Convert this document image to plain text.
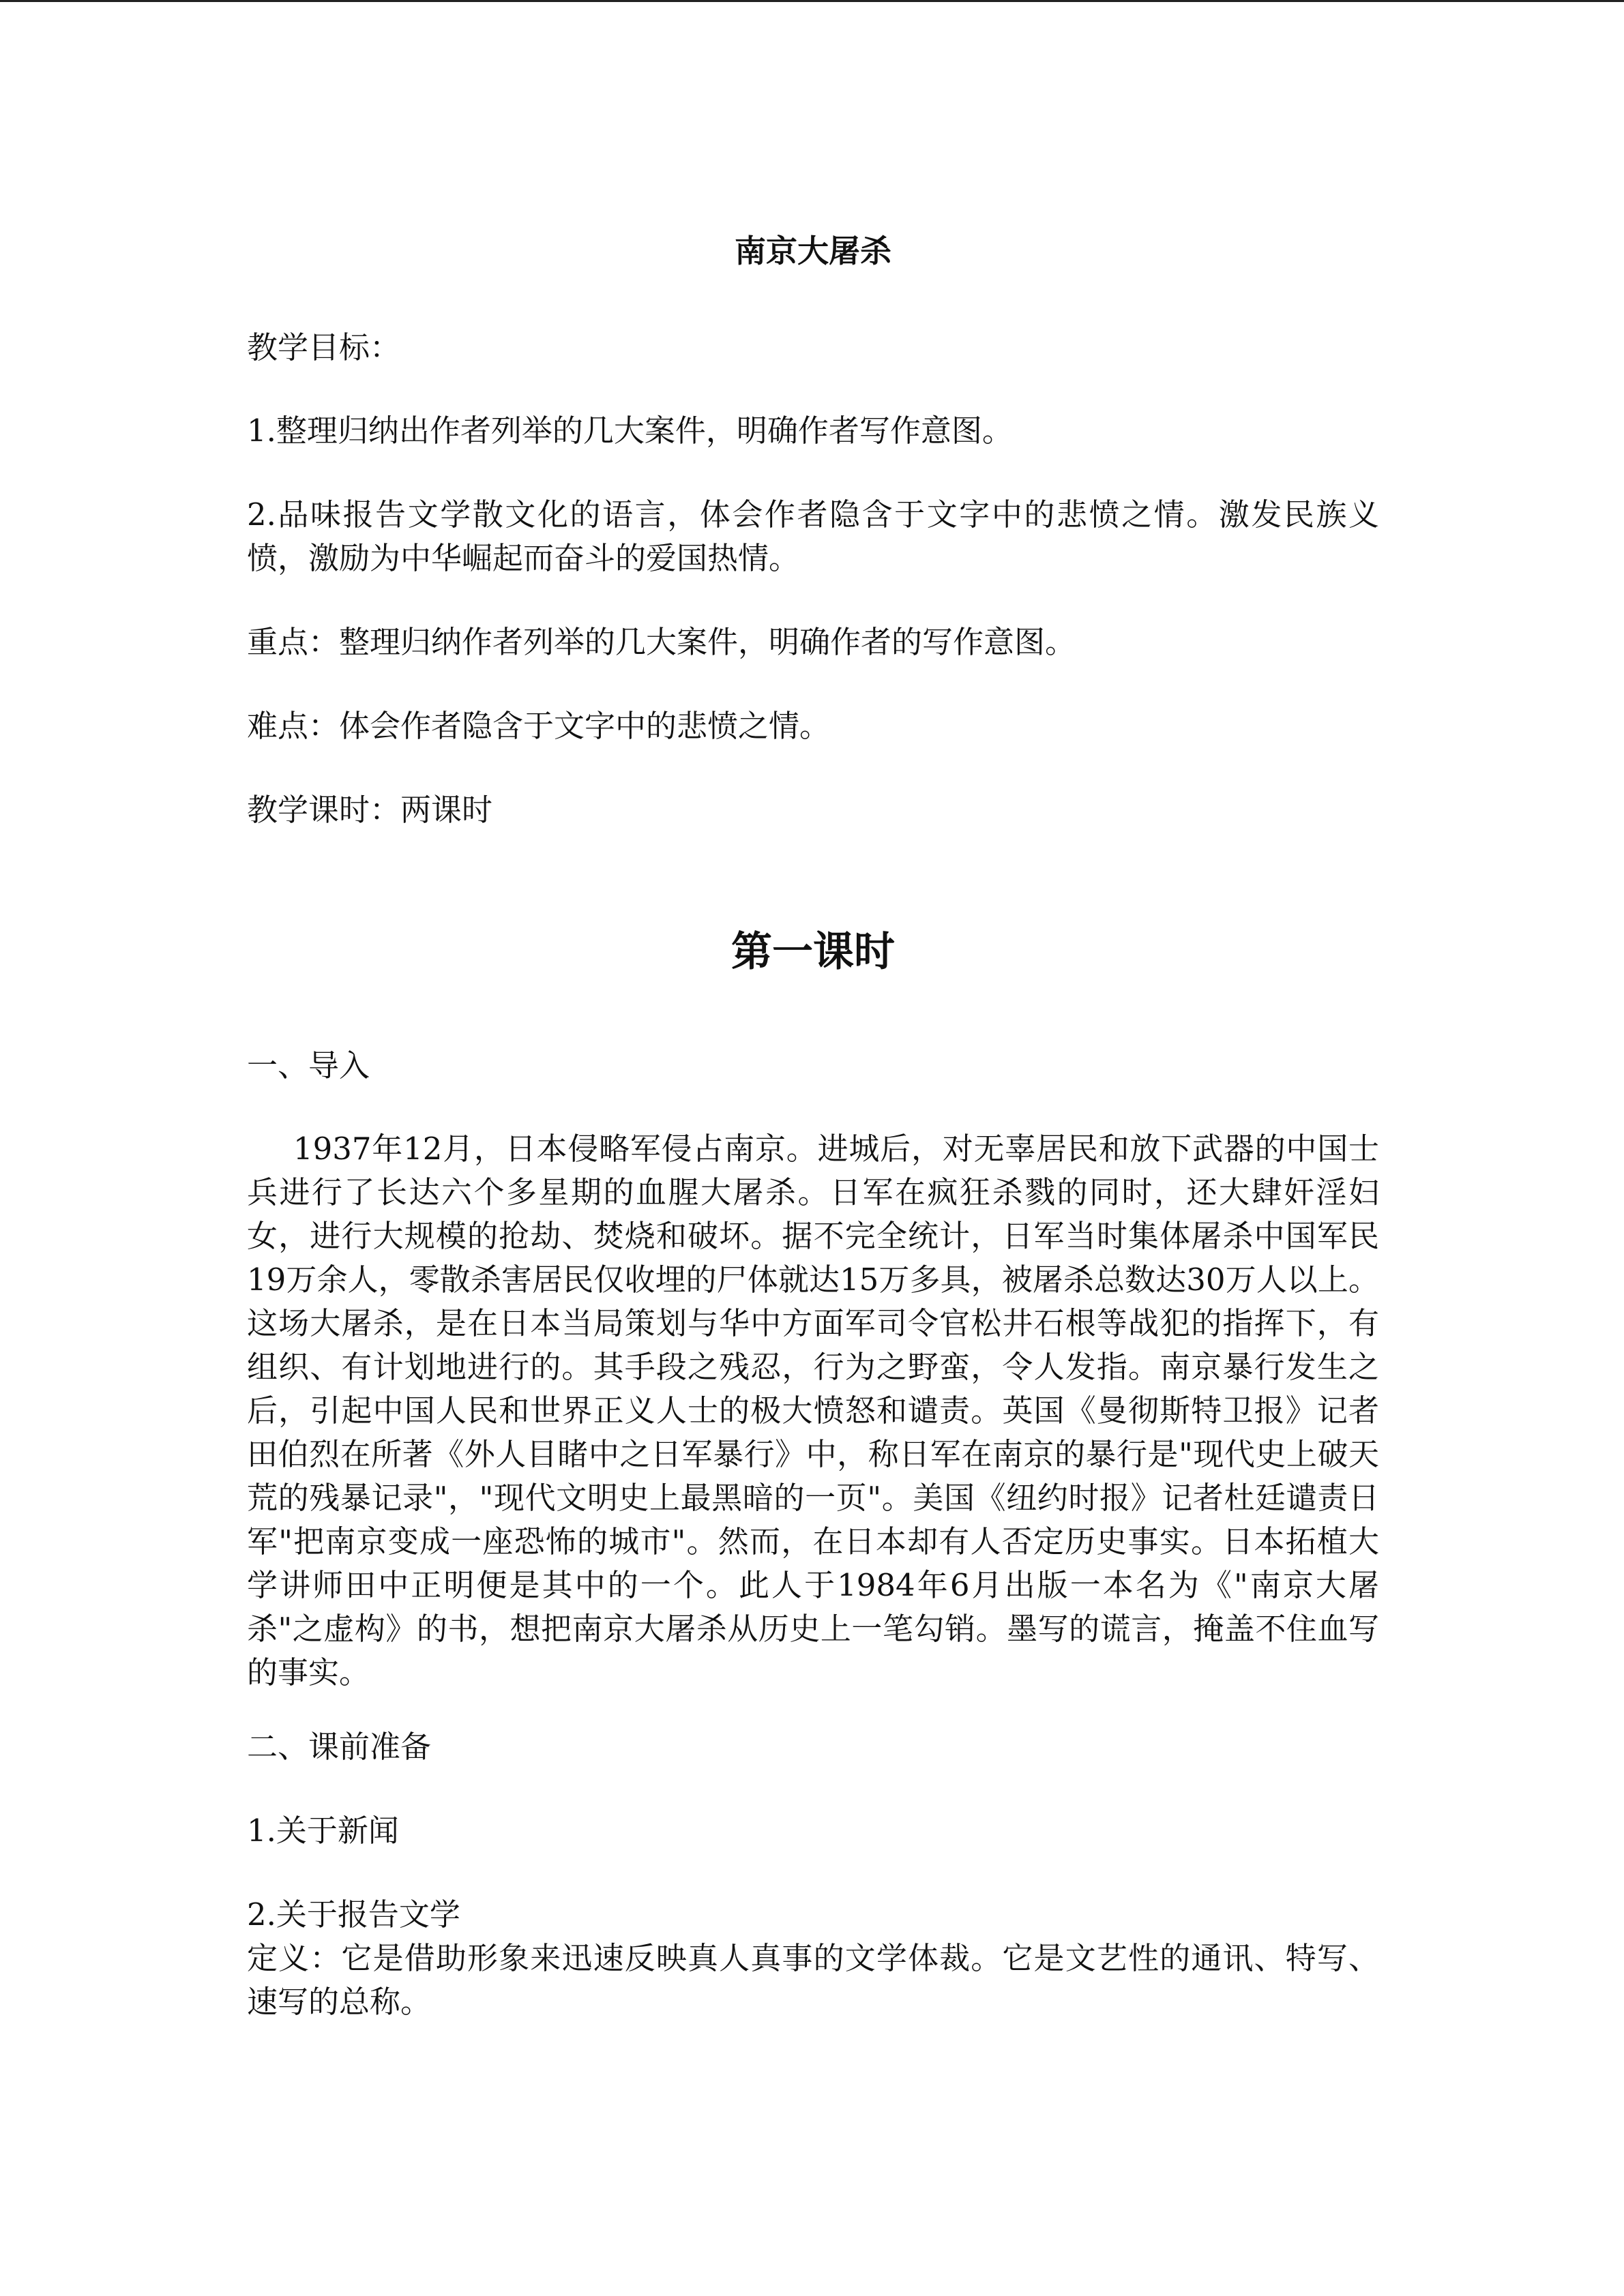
南京大屠杀
教学目标：
1.整理归纳出作者列举的几大案件，明确作者写作意图。
2.品味报告文学散文化的语言，体会作者隐含于文字中的悲愤之情。激发民族义愤，激励为中华崛起而奋斗的爱国热情。
重点：整理归纳作者列举的几大案件，明确作者的写作意图。
难点：体会作者隐含于文字中的悲愤之情。
教学课时：两课时
第一课时
一、导入
1937年12月，日本侵略军侵占南京。进城后，对无辜居民和放下武器的中国士兵进行了长达六个多星期的血腥大屠杀。日军在疯狂杀戮的同时，还大肆奸淫妇女，进行大规模的抢劫、焚烧和破坏。据不完全统计，日军当时集体屠杀中国军民19万余人，零散杀害居民仅收埋的尸体就达15万多具，被屠杀总数达30万人以上。这场大屠杀，是在日本当局策划与华中方面军司令官松井石根等战犯的指挥下，有组织、有计划地进行的。其手段之残忍，行为之野蛮，令人发指。南京暴行发生之后，引起中国人民和世界正义人士的极大愤怒和谴责。英国《曼彻斯特卫报》记者田伯烈在所著《外人目睹中之日军暴行》中，称日军在南京的暴行是"现代史上破天荒的残暴记录"，"现代文明史上最黑暗的一页"。美国《纽约时报》记者杜廷谴责日军"把南京变成一座恐怖的城市"。然而，在日本却有人否定历史事实。日本拓植大学讲师田中正明便是其中的一个。此人于1984年6月出版一本名为《"南京大屠杀"之虚构》的书，想把南京大屠杀从历史上一笔勾销。墨写的谎言，掩盖不住血写的事实。
二、课前准备
1.关于新闻
2.关于报告文学
定义：它是借助形象来迅速反映真人真事的文学体裁。它是文艺性的通讯、特写、速写的总称。
